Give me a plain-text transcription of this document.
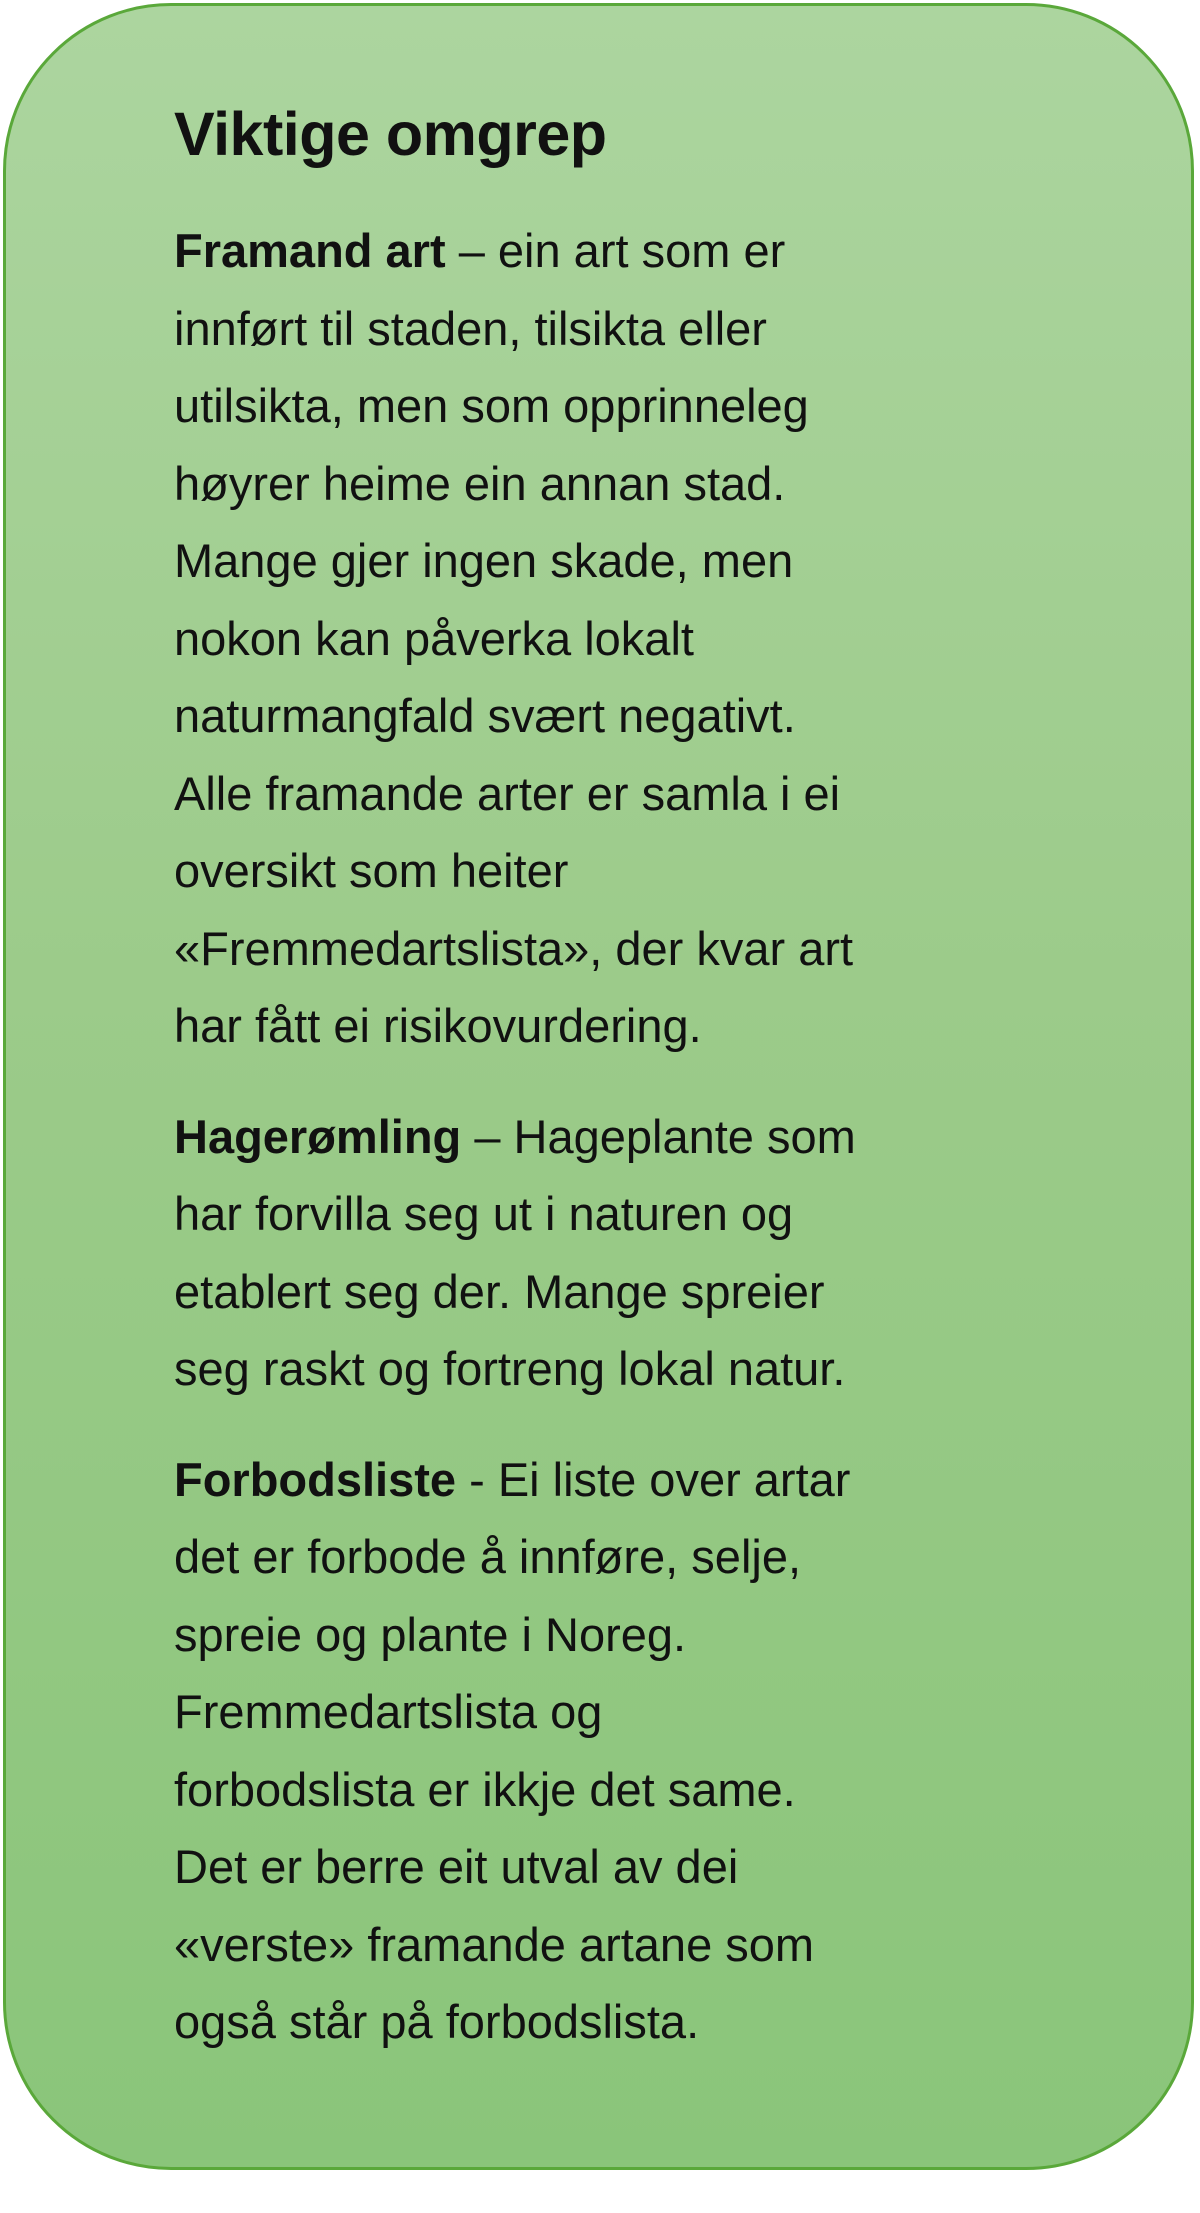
Viktige omgrep

Framand art – ein art som er
innført til staden, tilsikta eller
utilsikta, men som opprinneleg
høyrer heime ein annan stad.
Mange gjer ingen skade, men
nokon kan påverka lokalt
naturmangfald svært negativt.
Alle framande arter er samla i ei
oversikt som heiter
«Fremmedartslista», der kvar art
har fått ei risikovurdering.

Hagerømling – Hageplante som
har forvilla seg ut i naturen og
etablert seg der. Mange spreier
seg raskt og fortreng lokal natur.

Forbodsliste - Ei liste over artar
det er forbode å innføre, selje,
spreie og plante i Noreg.
Fremmedartslista og
forbodslista er ikkje det same.
Det er berre eit utval av dei
«verste» framande artane som
også står på forbodslista.
